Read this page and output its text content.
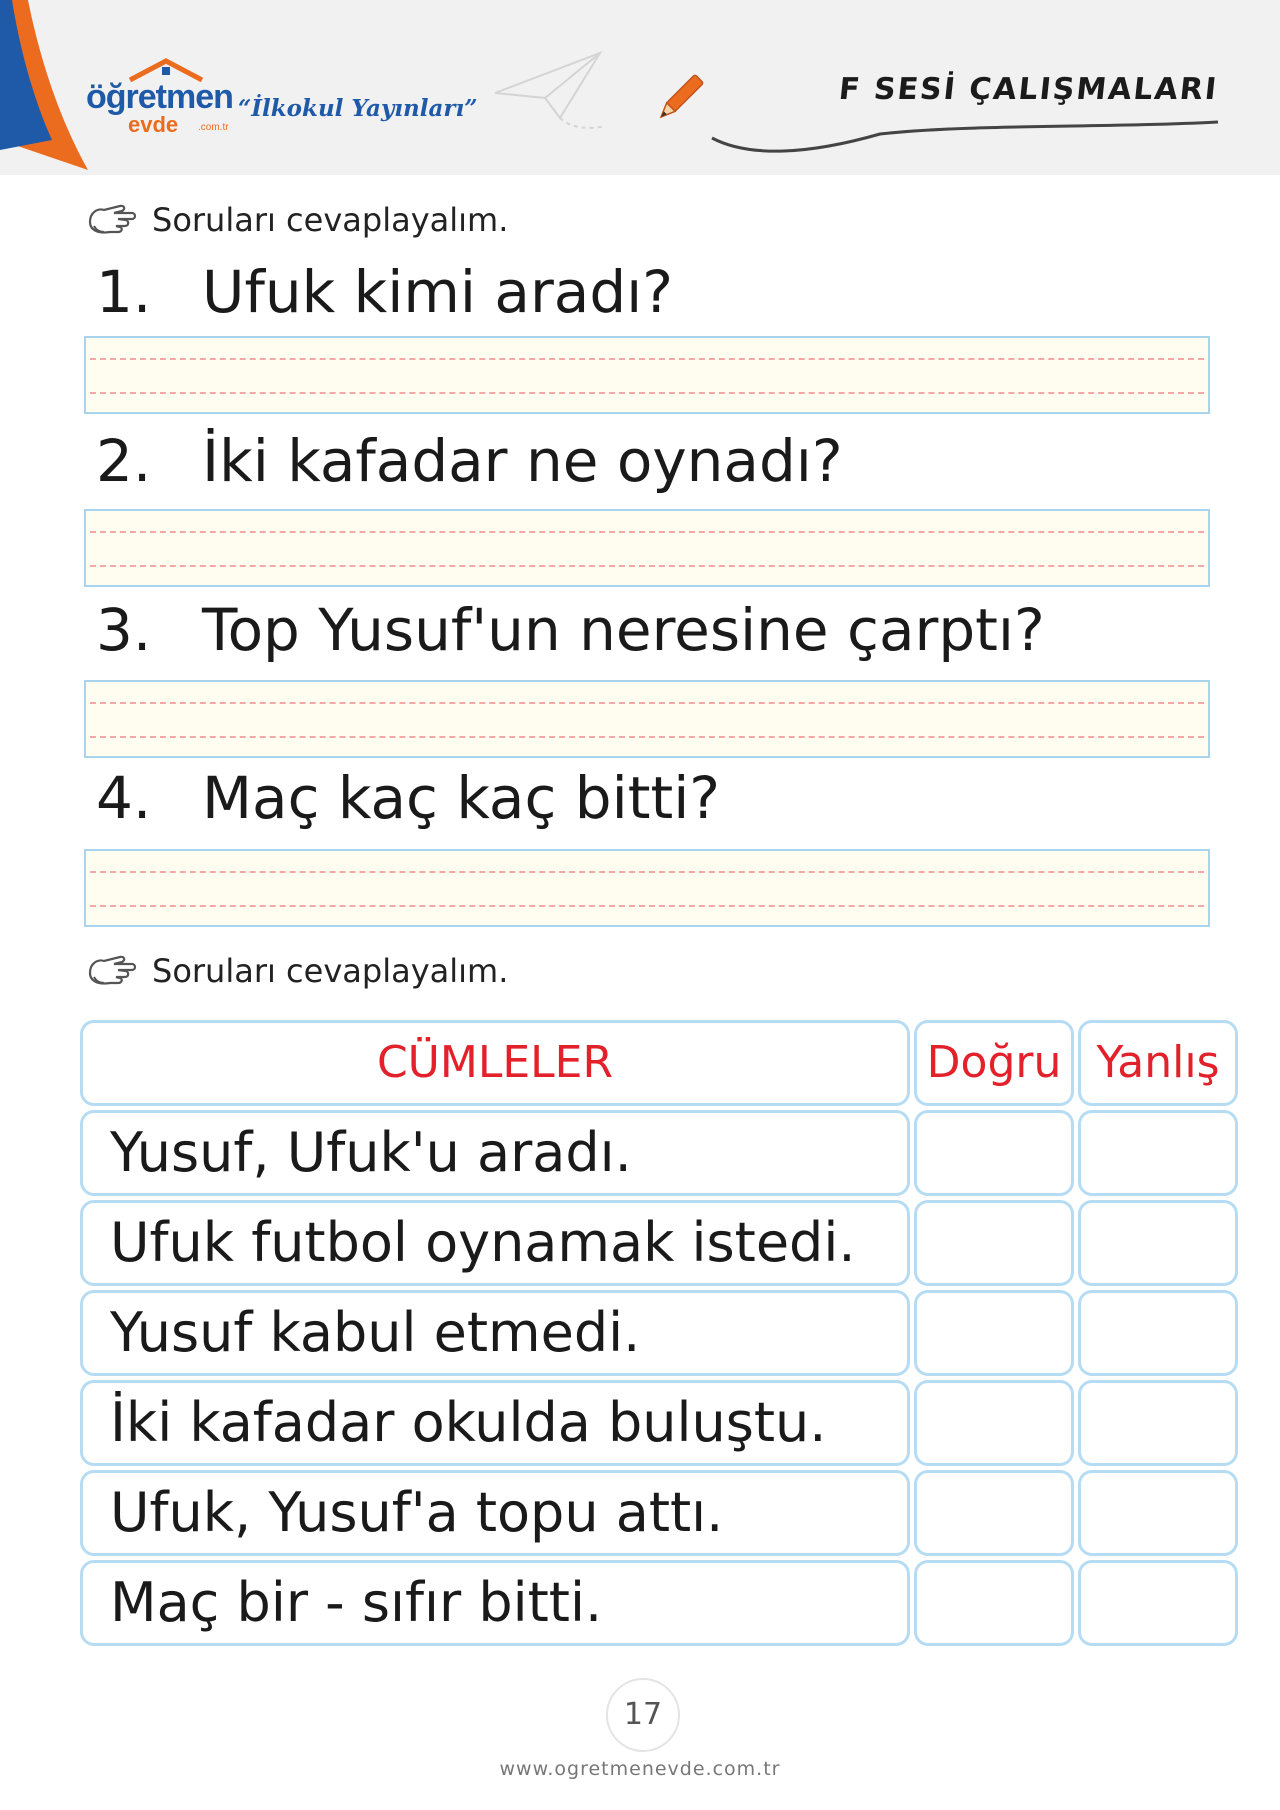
öğretmen
evde .com.tr
“İlkokul Yayınları”
F SESİ ÇALIŞMALARI
Soruları cevaplayalım.
1. Ufuk kimi aradı?
2. İki kafadar ne oynadı?
3. Top Yusuf'un neresine çarptı?
4. Maç kaç kaç bitti?
Soruları cevaplayalım.
CÜMLELER	Doğru Yanlış
Yusuf, Ufuk'u aradı.
Ufuk futbol oynamak istedi.
Yusuf kabul etmedi.
İki kafadar okulda buluştu.
Ufuk, Yusuf'a topu attı.
Maç bir - sıfır bitti.
17
www.ogretmenevde.com.tr
